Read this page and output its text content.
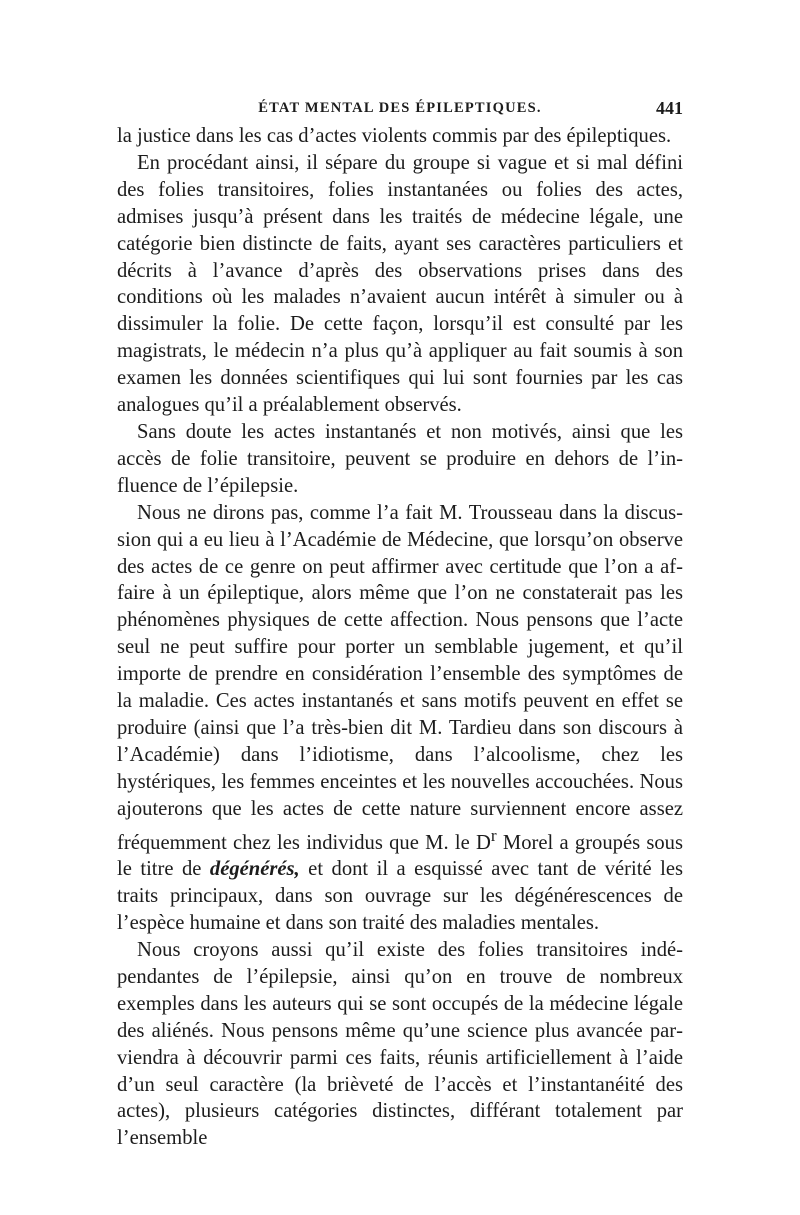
ÉTAT MENTAL DES ÉPILEPTIQUES.	441

la justice dans les cas d’actes violents commis par des épileptiques.

En procédant ainsi, il sépare du groupe si vague et si mal défini des folies transitoires, folies instantanées ou folies des actes, admises jusqu’à présent dans les traités de médecine légale, une catégorie bien distincte de faits, ayant ses caractères particuliers et décrits à l’avance d’après des observations prises dans des conditions où les malades n’avaient aucun intérêt à simuler ou à dissimuler la folie. De cette façon, lorsqu’il est consulté par les magistrats, le médecin n’a plus qu’à appliquer au fait soumis à son examen les données scientifiques qui lui sont fournies par les cas analogues qu’il a préalablement observés.

Sans doute les actes instantanés et non motivés, ainsi que les accès de folie transitoire, peuvent se produire en dehors de l’influence de l’épilepsie.

Nous ne dirons pas, comme l’a fait M. Trousseau dans la discussion qui a eu lieu à l’Académie de Médecine, que lorsqu’on observe des actes de ce genre on peut affirmer avec certitude que l’on a affaire à un épileptique, alors même que l’on ne constaterait pas les phénomènes physiques de cette affection. Nous pensons que l’acte seul ne peut suffire pour porter un semblable jugement, et qu’il importe de prendre en considération l’ensemble des symptômes de la maladie. Ces actes instantanés et sans motifs peuvent en effet se produire (ainsi que l’a très-bien dit M. Tardieu dans son discours à l’Académie) dans l’idiotisme, dans l’alcoolisme, chez les hystériques, les femmes enceintes et les nouvelles accouchées. Nous ajouterons que les actes de cette nature surviennent encore assez fréquemment chez les individus que M. le $D^r$ Morel a groupés sous le titre de dégénérés, et dont il a esquissé avec tant de vérité les traits principaux, dans son ouvrage sur les dégénérescences de l’espèce humaine et dans son traité des maladies mentales.

Nous croyons aussi qu’il existe des folies transitoires indépendantes de l’épilepsie, ainsi qu’on en trouve de nombreux exemples dans les auteurs qui se sont occupés de la médecine légale des aliénés. Nous pensons même qu’une science plus avancée parviendra à découvrir parmi ces faits, réunis artificiellement à l’aide d’un seul caractère (la brièveté de l’accès et l’instantanéité des actes), plusieurs catégories distinctes, différant totalement par l’ensemble
